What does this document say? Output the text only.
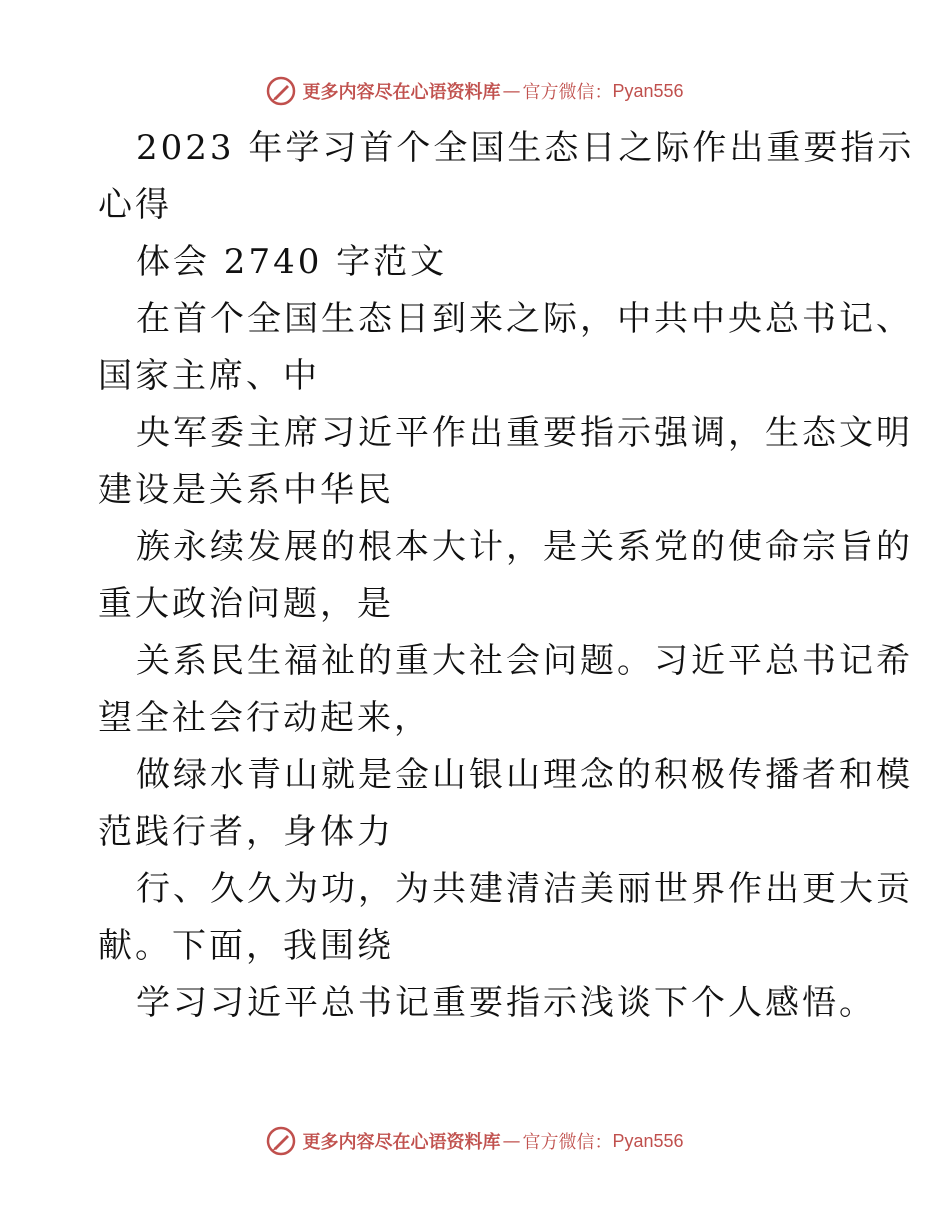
更多内容尽在心语资料库 — 官方微信： Pyan556
2023 年学习首个全国生态日之际作出重要指示
心得
体会 2740 字范文
在首个全国生态日到来之际，中共中央总书记、
国家主席、中
央军委主席习近平作出重要指示强调，生态文明
建设是关系中华民
族永续发展的根本大计，是关系党的使命宗旨的
重大政治问题，是
关系民生福祉的重大社会问题。习近平总书记希
望全社会行动起来，
做绿水青山就是金山银山理念的积极传播者和模
范践行者，身体力
行、久久为功，为共建清洁美丽世界作出更大贡
献。下面，我围绕
学习习近平总书记重要指示浅谈下个人感悟。
更多内容尽在心语资料库 — 官方微信： Pyan556
